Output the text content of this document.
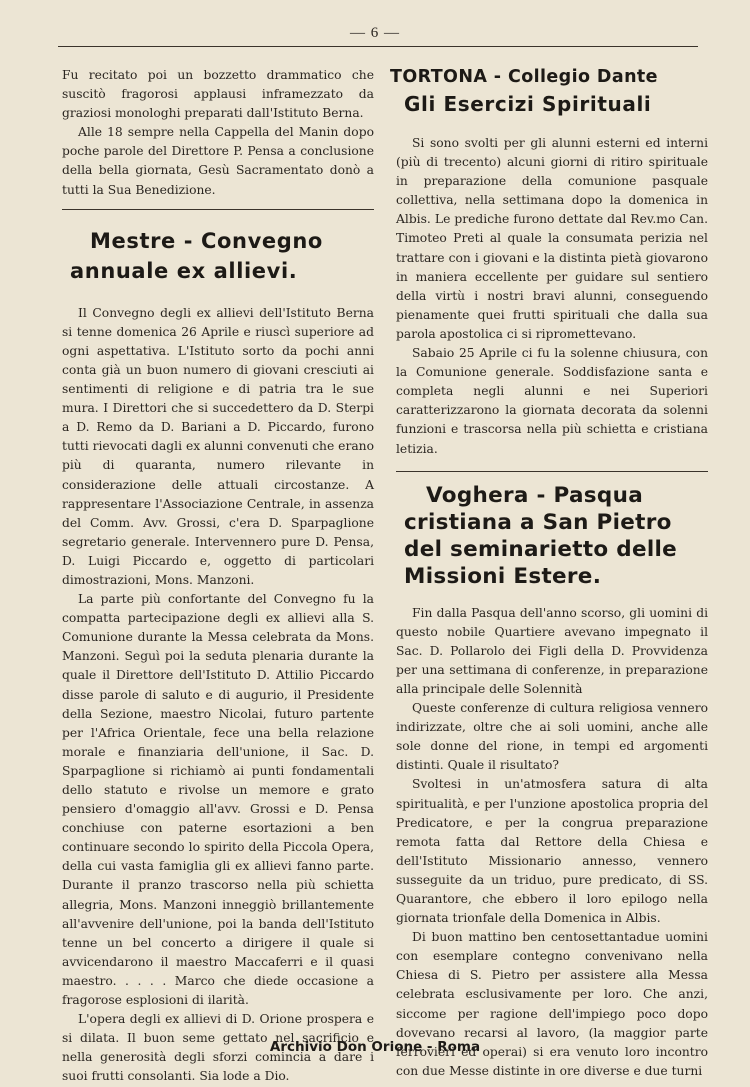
— 6 —

Fu recitato poi un bozzetto drammatico che suscitò fragorosi applausi inframezzato da graziosi monologhi preparati dall'Istituto Berna.

Alle 18 sempre nella Cappella del Manin dopo poche parole del Direttore P. Pensa a conclusione della bella giornata, Gesù Sacramentato donò a tutti la Sua Benedizione.

Mestre - Convegno
annuale ex allievi.

Il Convegno degli ex allievi dell'Istituto Berna si tenne domenica 26 Aprile e riuscì superiore ad ogni aspettativa. L'Istituto sorto da pochi anni conta già un buon numero di giovani cresciuti ai sentimenti di religione e di patria tra le sue mura. I Direttori che si succedettero da D. Sterpi a D. Remo da D. Bariani a D. Piccardo, furono tutti rievocati dagli ex alunni convenuti che erano più di quaranta, numero rilevante in considerazione delle attuali circostanze. A rappresentare l'Associazione Centrale, in assenza del Comm. Avv. Grossi, c'era D. Sparpaglione segretario generale. Intervennero pure D. Pensa, D. Luigi Piccardo e, oggetto di particolari dimostrazioni, Mons. Manzoni.

La parte più confortante del Convegno fu la compatta partecipazione degli ex allievi alla S. Comunione durante la Messa celebrata da Mons. Manzoni. Seguì poi la seduta plenaria durante la quale il Direttore dell'Istituto D. Attilio Piccardo disse parole di saluto e di augurio, il Presidente della Sezione, maestro Nicolai, futuro partente per l'Africa Orientale, fece una bella relazione morale e finanziaria dell'unione, il Sac. D. Sparpaglione si richiamò ai punti fondamentali dello statuto e rivolse un memore e grato pensiero d'omaggio all'avv. Grossi e D. Pensa conchiuse con paterne esortazioni a ben continuare secondo lo spirito della Piccola Opera, della cui vasta famiglia gli ex allievi fanno parte. Durante il pranzo trascorso nella più schietta allegria, Mons. Manzoni inneggiò brillantemente all'avvenire dell'unione, poi la banda dell'Istituto tenne un bel concerto a dirigere il quale si avvicendarono il maestro Maccaferri e il quasi maestro. . . . . Marco che diede occasione a fragorose esplosioni di ilarità.

L'opera degli ex allievi di D. Orione prospera e si dilata. Il buon seme gettato nel sacrificio e nella generosità degli sforzi comincia a dare i suoi frutti consolanti. Sia lode a Dio.

TORTONA - Collegio Dante
Gli Esercizi Spirituali

Si sono svolti per gli alunni esterni ed interni (più di trecento) alcuni giorni di ritiro spirituale in preparazione della comunione pasquale collettiva, nella settimana dopo la domenica in Albis. Le prediche furono dettate dal Rev.mo Can. Timoteo Preti al quale la consumata perizia nel trattare con i giovani e la distinta pietà giovarono in maniera eccellente per guidare sul sentiero della virtù i nostri bravi alunni, conseguendo pienamente quei frutti spirituali che dalla sua parola apostolica ci si ripromettevano.

Sabaio 25 Aprile ci fu la solenne chiusura, con la Comunione generale. Soddisfazione santa e completa negli alunni e nei Superiori caratterizzarono la giornata decorata da solenni funzioni e trascorsa nella più schietta e cristiana letizia.

Voghera - Pasqua
cristiana a San Pietro
del seminarietto delle
Missioni Estere.

Fin dalla Pasqua dell'anno scorso, gli uomini di questo nobile Quartiere avevano impegnato il Sac. D. Pollarolo dei Figli della D. Provvidenza per una settimana di conferenze, in preparazione alla principale delle Solennità

Queste conferenze di cultura religiosa vennero indirizzate, oltre che ai soli uomini, anche alle sole donne del rione, in tempi ed argomenti distinti. Quale il risultato?

Svoltesi in un'atmosfera satura di alta spiritualità, e per l'unzione apostolica propria del Predicatore, e per la congrua preparazione remota fatta dal Rettore della Chiesa e dell'Istituto Missionario annesso, vennero susseguite da un triduo, pure predicato, di SS. Quarantore, che ebbero il loro epilogo nella giornata trionfale della Domenica in Albis.

Di buon mattino ben centosettantadue uomini con esemplare contegno convenivano nella Chiesa di S. Pietro per assistere alla Messa celebrata esclusivamente per loro. Che anzi, siccome per ragione dell'impiego poco dopo dovevano recarsi al lavoro, (la maggior parte ferrovieri ed operai) si era venuto loro incontro con due Messe distinte in ore diverse e due turni

Archivio Don Orione - Roma
